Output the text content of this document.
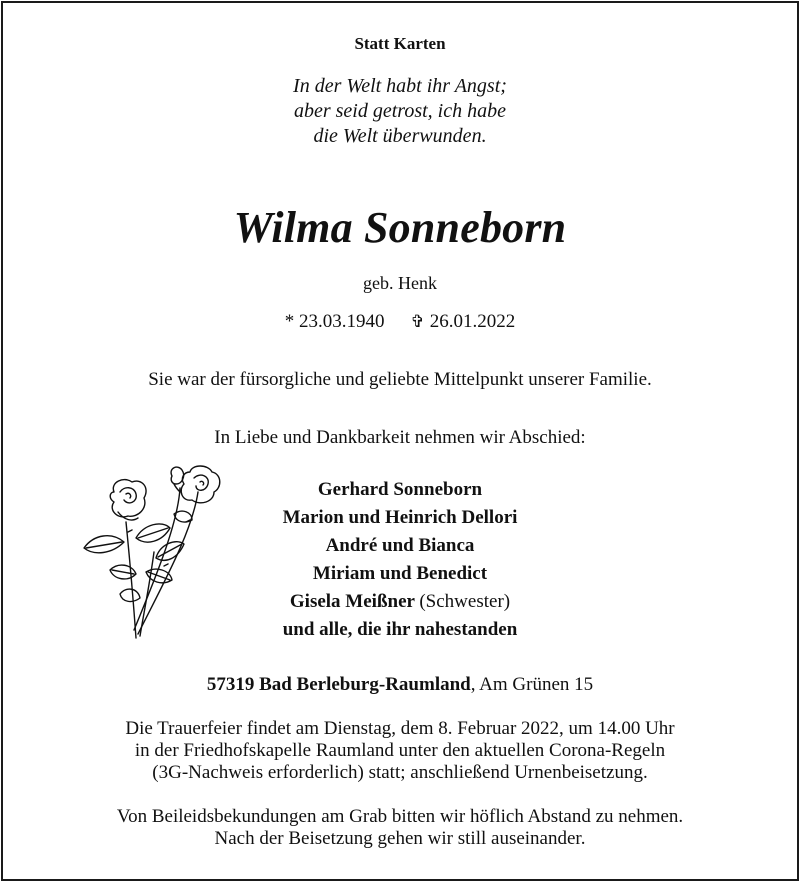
Statt Karten
In der Welt habt ihr Angst;
aber seid getrost, ich habe
die Welt überwunden.
Wilma Sonneborn
geb. Henk
* 23.03.1940 ✞ 26.01.2022
Sie war der fürsorgliche und geliebte Mittelpunkt unserer Familie.
In Liebe und Dankbarkeit nehmen wir Abschied:
Gerhard Sonneborn
Marion und Heinrich Dellori
André und Bianca
Miriam und Benedict
Gisela Meißner (Schwester)
und alle, die ihr nahestanden
57319 Bad Berleburg-Raumland, Am Grünen 15
Die Trauerfeier findet am Dienstag, dem 8. Februar 2022, um 14.00 Uhr
in der Friedhofskapelle Raumland unter den aktuellen Corona-Regeln
(3G-Nachweis erforderlich) statt; anschließend Urnenbeisetzung.
Von Beileidsbekundungen am Grab bitten wir höflich Abstand zu nehmen.
Nach der Beisetzung gehen wir still auseinander.
